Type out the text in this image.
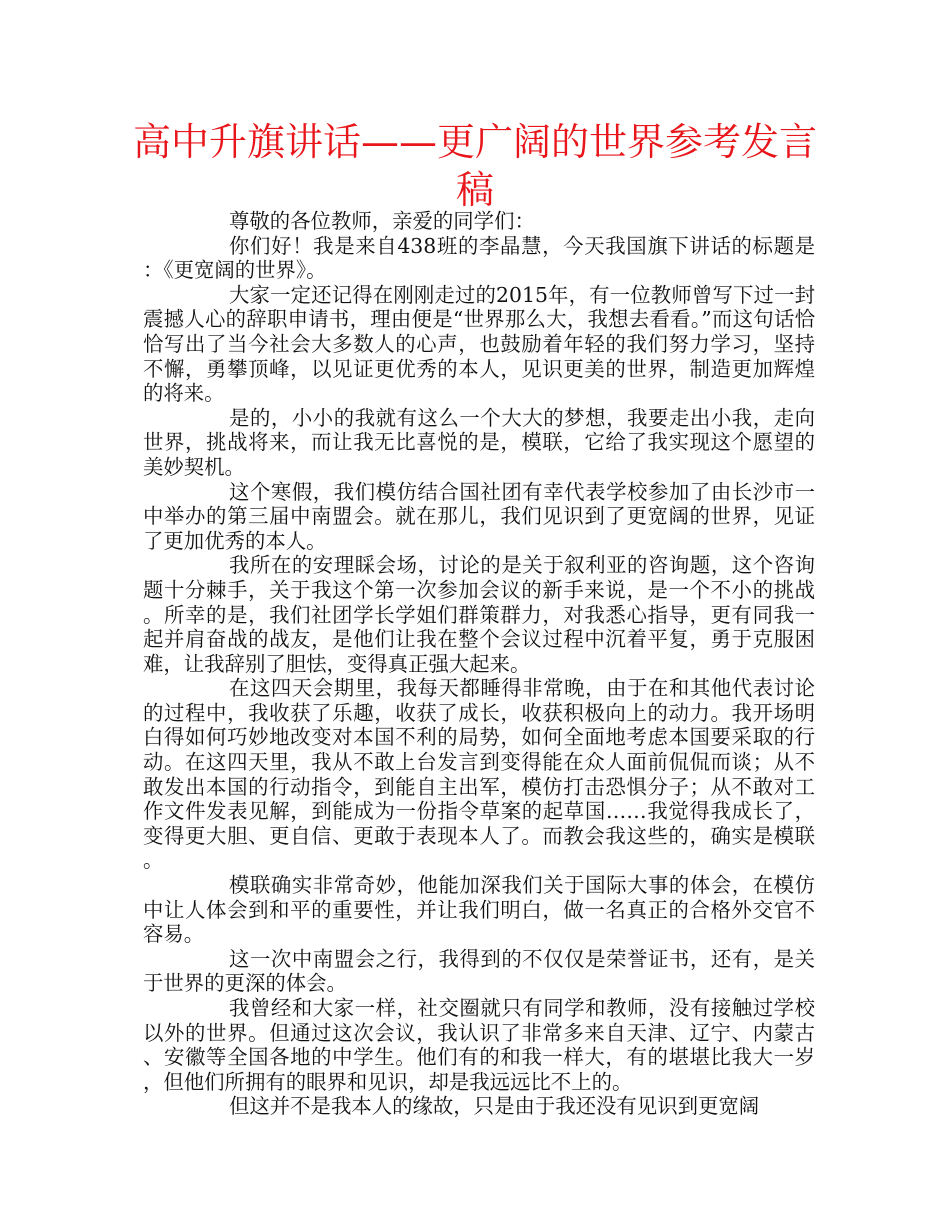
高中升旗讲话——更广阔的世界参考发言稿

尊敬的各位教师，亲爱的同学们：

你们好！我是来自438班的李晶慧，今天我国旗下讲话的标题是：《更宽阔的世界》。

大家一定还记得在刚刚走过的2015年，有一位教师曾写下过一封震撼人心的辞职申请书，理由便是“世界那么大，我想去看看。”而这句话恰恰写出了当今社会大多数人的心声，也鼓励着年轻的我们努力学习，坚持不懈，勇攀顶峰，以见证更优秀的本人，见识更美的世界，制造更加辉煌的将来。

是的，小小的我就有这么一个大大的梦想，我要走出小我，走向世界，挑战将来，而让我无比喜悦的是，模联，它给了我实现这个愿望的美妙契机。

这个寒假，我们模仿结合国社团有幸代表学校参加了由长沙市一中举办的第三届中南盟会。就在那儿，我们见识到了更宽阔的世界，见证了更加优秀的本人。

我所在的安理睬会场，讨论的是关于叙利亚的咨询题，这个咨询题十分棘手，关于我这个第一次参加会议的新手来说，是一个不小的挑战。所幸的是，我们社团学长学姐们群策群力，对我悉心指导，更有同我一起并肩奋战的战友，是他们让我在整个会议过程中沉着平复，勇于克服困难，让我辞别了胆怯，变得真正强大起来。

在这四天会期里，我每天都睡得非常晚，由于在和其他代表讨论的过程中，我收获了乐趣，收获了成长，收获积极向上的动力。我开场明白得如何巧妙地改变对本国不利的局势，如何全面地考虑本国要采取的行动。在这四天里，我从不敢上台发言到变得能在众人面前侃侃而谈；从不敢发出本国的行动指令，到能自主出军，模仿打击恐惧分子；从不敢对工作文件发表见解，到能成为一份指令草案的起草国……我觉得我成长了，变得更大胆、更自信、更敢于表现本人了。而教会我这些的，确实是模联。

模联确实非常奇妙，他能加深我们关于国际大事的体会，在模仿中让人体会到和平的重要性，并让我们明白，做一名真正的合格外交官不容易。

这一次中南盟会之行，我得到的不仅仅是荣誉证书，还有，是关于世界的更深的体会。

我曾经和大家一样，社交圈就只有同学和教师，没有接触过学校以外的世界。但通过这次会议，我认识了非常多来自天津、辽宁、内蒙古、安徽等全国各地的中学生。他们有的和我一样大，有的堪堪比我大一岁，但他们所拥有的眼界和见识，却是我远远比不上的。

但这并不是我本人的缘故，只是由于我还没有见识到更宽阔
